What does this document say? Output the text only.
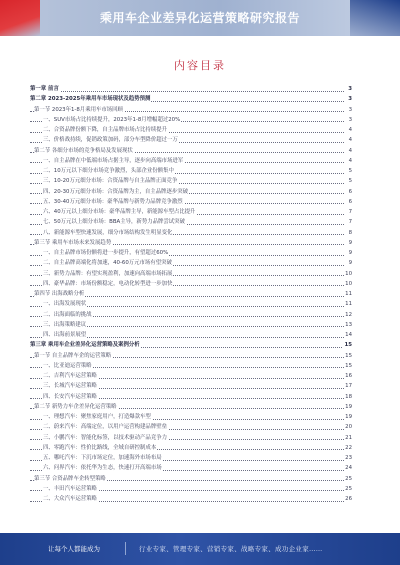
乘用车企业差异化运营策略研究报告
内容目录
第一章 前言	3
第二章 2023-2025年乘用车市场现状及趋势预测	3
第一节 2023年1-8月乘用车市场回顾	3
一、SUV市场占比持续提升，2023年1-8月增幅超过20%	3
二、合资品牌份额下降，自主品牌市场占比持续提升	4
三、价格战持续，促销政策加码，部分车型降价超过一万	4
第二节 各细分市场的竞争格局及发展现状	4
一、自主品牌在中低端市场占据主导，逐步向高端市场进军	4
二、10万元以下细分市场竞争激烈，头部企业份额集中	5
三、10-20万元细分市场：合资品牌与自主品牌正面竞争	5
四、20-30万元细分市场：合资品牌为主，自主品牌逐步突破	6
五、30-40万元细分市场：豪华品牌与新势力品牌竞争激烈	6
六、40万元以上细分市场：豪华品牌主导，新能源车型占比提升	7
七、50万元以上细分市场：BBA主导，新势力品牌尝试突破	7
八、新能源车型快速发展，细分市场结构发生明显变化	8
第三节 乘用车市场未来发展趋势	9
一、自主品牌市场份额将进一步提升，有望超过60%	9
二、自主品牌高端化将加速，40-60万元市场有望突破	9
三、新势力品牌：有望实现盈利，加速向高端市场拓展	10
四、豪华品牌：市场份额稳定，电动化转型进一步加快	10
第四节 出海战略分析	11
一、出海发展现状	11
二、出海面临的挑战	12
三、出海策略建议	13
四、出海前景展望	14
第三章 乘用车企业差异化运营策略及案例分析	15
第一节 自主品牌车企的运营策略	15
一、比亚迪运营策略	15
二、吉利汽车运营策略	16
三、长城汽车运营策略	17
四、长安汽车运营策略	18
第二节 新势力车企差异化运营策略	19
一、理想汽车：聚焦家庭用户，打造爆款车型	19
二、蔚来汽车：高端定位，以用户运营构建品牌壁垒	20
三、小鹏汽车：智能化标签，以技术驱动产品竞争力	21
四、零跑汽车：性价比路线，全域自研控制成本	22
五、哪吒汽车：下沉市场定位，加速海外市场布局	23
六、问界汽车：依托华为生态，快速打开高端市场	24
第三节 合资品牌车企转型策略	25
一、丰田汽车运营策略	25
二、大众汽车运营策略	26
让每个人都能成为	行业专家、管理专家、营销专家、战略专家、成功企业家……
